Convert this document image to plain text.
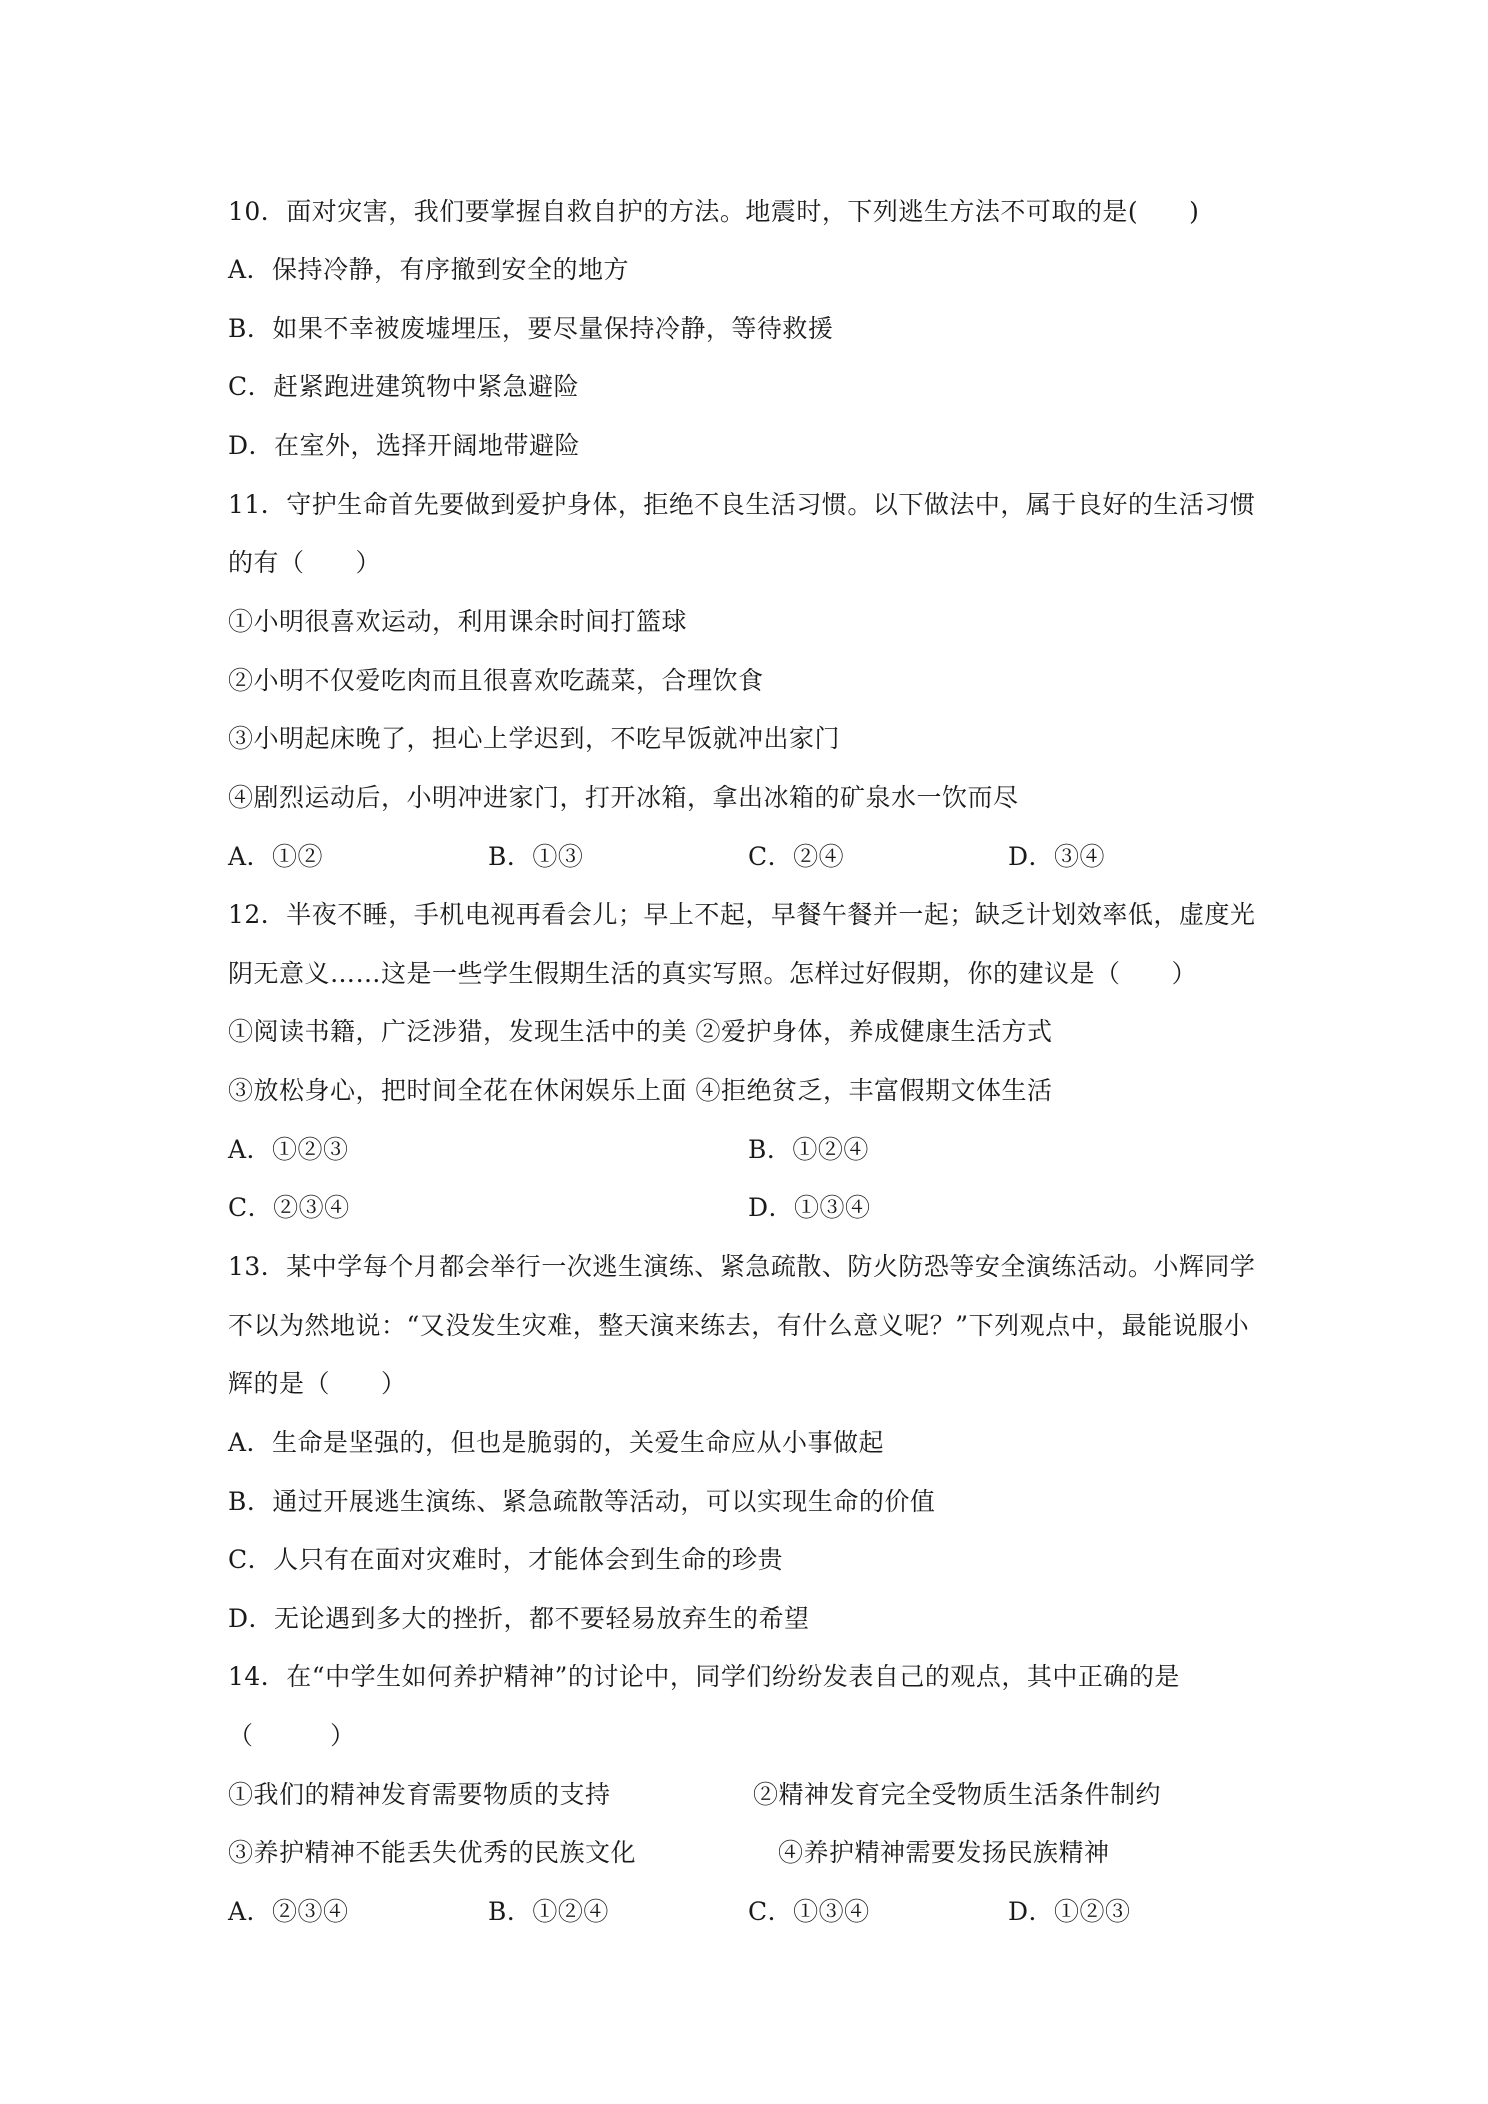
10．面对灾害，我们要掌握自救自护的方法。地震时，下列逃生方法不可取的是(　　)
A．保持冷静，有序撤到安全的地方
B．如果不幸被废墟埋压，要尽量保持冷静，等待救援
C．赶紧跑进建筑物中紧急避险
D．在室外，选择开阔地带避险
11．守护生命首先要做到爱护身体，拒绝不良生活习惯。以下做法中，属于良好的生活习惯
的有（　　）
①小明很喜欢运动，利用课余时间打篮球
②小明不仅爱吃肉而且很喜欢吃蔬菜，合理饮食
③小明起床晚了，担心上学迟到，不吃早饭就冲出家门
④剧烈运动后，小明冲进家门，打开冰箱，拿出冰箱的矿泉水一饮而尽
A．①②	B．①③	C．②④	D．③④
12．半夜不睡，手机电视再看会儿；早上不起，早餐午餐并一起；缺乏计划效率低，虚度光
阴无意义……这是一些学生假期生活的真实写照。怎样过好假期，你的建议是（　　）
①阅读书籍，广泛涉猎，发现生活中的美 ②爱护身体，养成健康生活方式
③放松身心，把时间全花在休闲娱乐上面 ④拒绝贫乏，丰富假期文体生活
A．①②③	B．①②④
C．②③④	D．①③④
13．某中学每个月都会举行一次逃生演练、紧急疏散、防火防恐等安全演练活动。小辉同学
不以为然地说：“又没发生灾难，整天演来练去，有什么意义呢？”下列观点中，最能说服小
辉的是（　　）
A．生命是坚强的，但也是脆弱的，关爱生命应从小事做起
B．通过开展逃生演练、紧急疏散等活动，可以实现生命的价值
C．人只有在面对灾难时，才能体会到生命的珍贵
D．无论遇到多大的挫折，都不要轻易放弃生的希望
14．在“中学生如何养护精神”的讨论中，同学们纷纷发表自己的观点，其中正确的是
（　　　）
①我们的精神发育需要物质的支持	②精神发育完全受物质生活条件制约
③养护精神不能丢失优秀的民族文化	④养护精神需要发扬民族精神
A．②③④	B．①②④	C．①③④	D．①②③
